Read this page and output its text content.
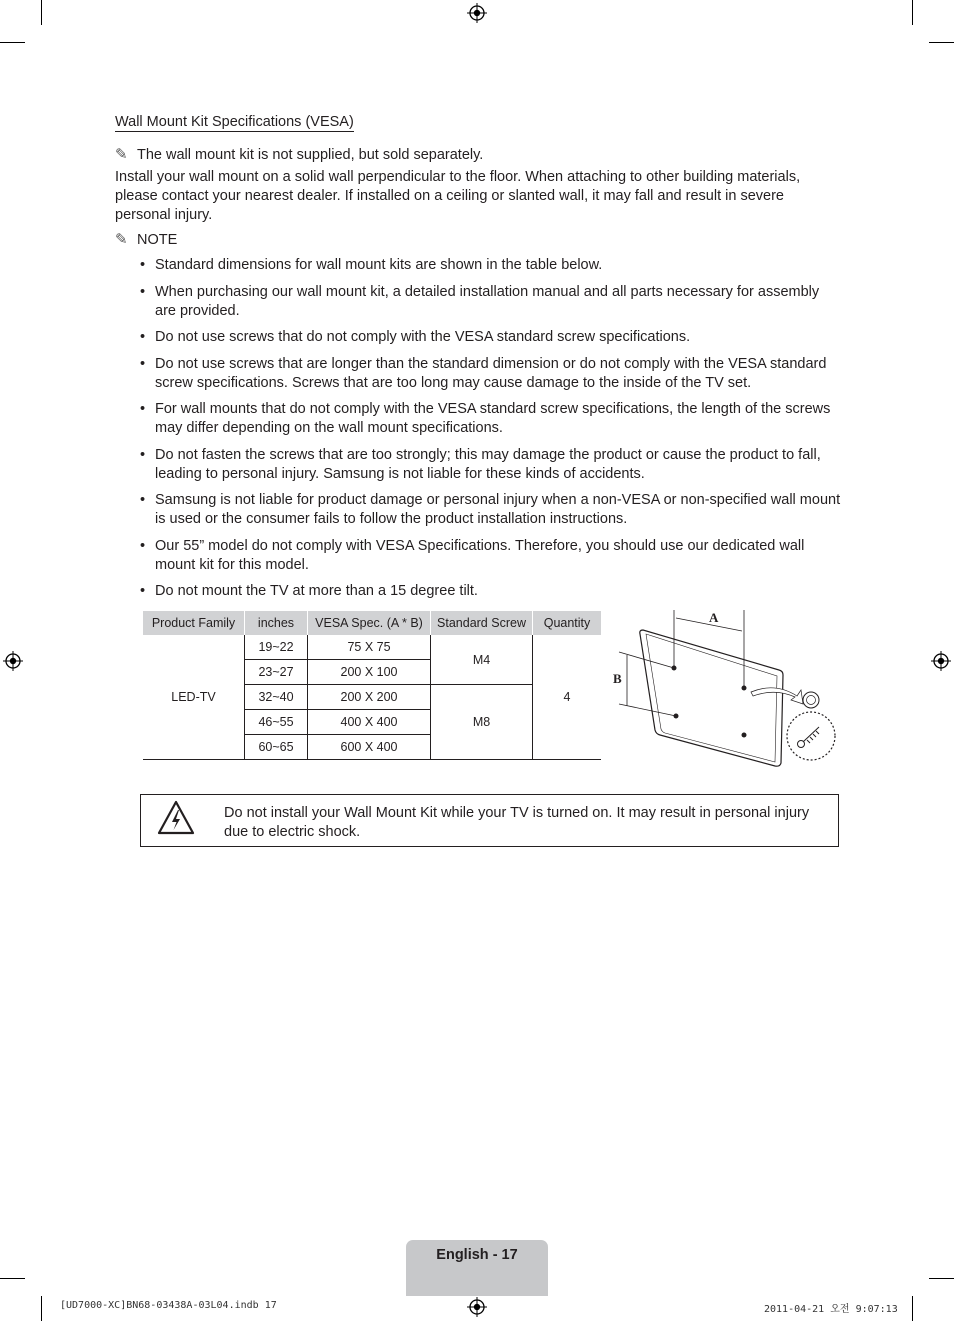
Wall Mount Kit Specifications (VESA)
✎ The wall mount kit is not supplied, but sold separately.
Install your wall mount on a solid wall perpendicular to the floor. When attaching to other building materials, please contact your nearest dealer. If installed on a ceiling or slanted wall, it may fall and result in severe personal injury.
✎ NOTE
• Standard dimensions for wall mount kits are shown in the table below.
• When purchasing our wall mount kit, a detailed installation manual and all parts necessary for assembly are provided.
• Do not use screws that do not comply with the VESA standard screw specifications.
• Do not use screws that are longer than the standard dimension or do not comply with the VESA standard screw specifications. Screws that are too long may cause damage to the inside of the TV set.
• For wall mounts that do not comply with the VESA standard screw specifications, the length of the screws may differ depending on the wall mount specifications.
• Do not fasten the screws that are too strongly; this may damage the product or cause the product to fall, leading to personal injury. Samsung is not liable for these kinds of accidents.
• Samsung is not liable for product damage or personal injury when a non-VESA or non-specified wall mount is used or the consumer fails to follow the product installation instructions.
• Our 55” model do not comply with VESA Specifications. Therefore, you should use our dedicated wall mount kit for this model.
• Do not mount the TV at more than a 15 degree tilt.
Product Family	inches	VESA Spec. (A * B)	Standard Screw	Quantity
LED-TV	19~22	75 X 75	M4	4
	23~27	200 X 100		
	32~40	200 X 200	M8	
	46~55	400 X 400		
	60~65	600 X 400		
A
B
Do not install your Wall Mount Kit while your TV is turned on. It may result in personal injury due to electric shock.
English - 17
[UD7000-XC]BN68-03438A-03L04.indb 17	2011-04-21 오전 9:07:13
